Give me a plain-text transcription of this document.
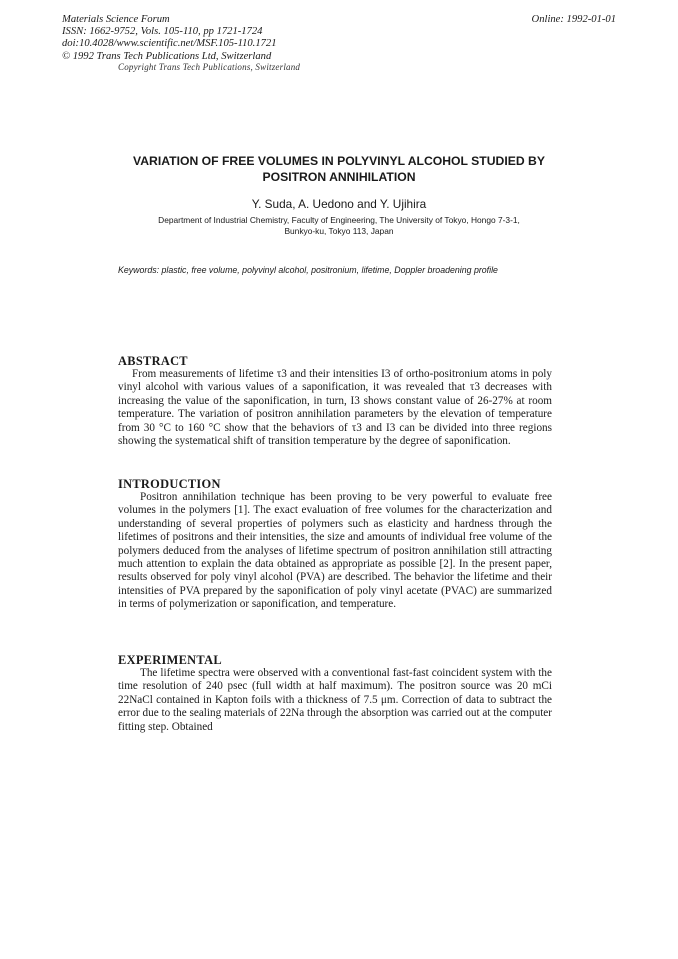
Materials Science Forum
ISSN: 1662-9752, Vols. 105-110, pp 1721-1724
doi:10.4028/www.scientific.net/MSF.105-110.1721
© 1992 Trans Tech Publications Ltd, Switzerland
Online: 1992-01-01
Copyright Trans Tech Publications, Switzerland
VARIATION OF FREE VOLUMES IN POLYVINYL ALCOHOL STUDIED BY
POSITRON ANNIHILATION
Y. Suda, A. Uedono and Y. Ujihira
Department of Industrial Chemistry, Faculty of Engineering, The University of Tokyo, Hongo 7-3-1,
Bunkyo-ku, Tokyo 113, Japan
Keywords: plastic, free volume, polyvinyl alcohol, positronium, lifetime, Doppler broadening profile
ABSTRACT
From measurements of lifetime τ3 and their intensities I3 of ortho-positronium atoms in poly vinyl alcohol with various values of a saponification, it was revealed that τ3 decreases with increasing the value of the saponification, in turn, I3 shows constant value of 26-27% at room temperature. The variation of positron annihilation parameters by the elevation of temperature from 30 °C to 160 °C show that the behaviors of τ3 and I3 can be divided into three regions showing the systematical shift of transition temperature by the degree of saponification.
INTRODUCTION
Positron annihilation technique has been proving to be very powerful to evaluate free volumes in the polymers [1]. The exact evaluation of free volumes for the characterization and understanding of several properties of polymers such as elasticity and hardness through the lifetimes of positrons and their intensities, the size and amounts of individual free volume of the polymers deduced from the analyses of lifetime spectrum of positron annihilation still attracting much attention to explain the data obtained as appropriate as possible [2]. In the present paper, results observed for poly vinyl alcohol (PVA) are described. The behavior the lifetime and their intensities of PVA prepared by the saponification of poly vinyl acetate (PVAC) are summarized in terms of polymerization or saponification, and temperature.
EXPERIMENTAL
The lifetime spectra were observed with a conventional fast-fast coincident system with the time resolution of 240 psec (full width at half maximum). The positron source was 20 mCi 22NaCl contained in Kapton foils with a thickness of 7.5 μm. Correction of data to subtract the error due to the sealing materials of 22Na through the absorption was carried out at the computer fitting step. Obtained
